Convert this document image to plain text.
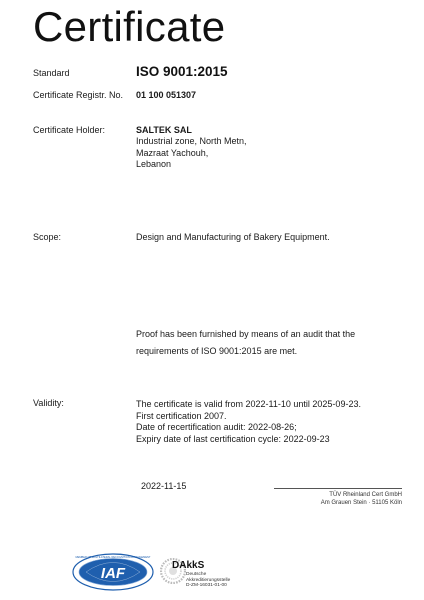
Certificate
Standard	ISO 9001:2015
Certificate Registr. No. 01 100 051307
Certificate Holder:	SALTEK SAL
Industrial zone, North Metn,
Mazraat Yachouh,
Lebanon
Scope:	Design and Manufacturing of Bakery Equipment.
Proof has been furnished by means of an audit that the
requirements of ISO 9001:2015 are met.
Validity:	The certificate is valid from 2022-11-10 until 2025-09-23.
First certification 2007.
Date of recertification audit: 2022-08-26;
Expiry date of last certification cycle: 2022-09-23
2022-11-15
TÜV Rheinland Cert GmbH
Am Grauen Stein · 51105 Köln
IAF
MEMBER OF MULTILATERAL RECOGNITION ARRANGEMENT
DAkkS
Deutsche
Akkreditierungsstelle
D-ZM-16031-01-00
